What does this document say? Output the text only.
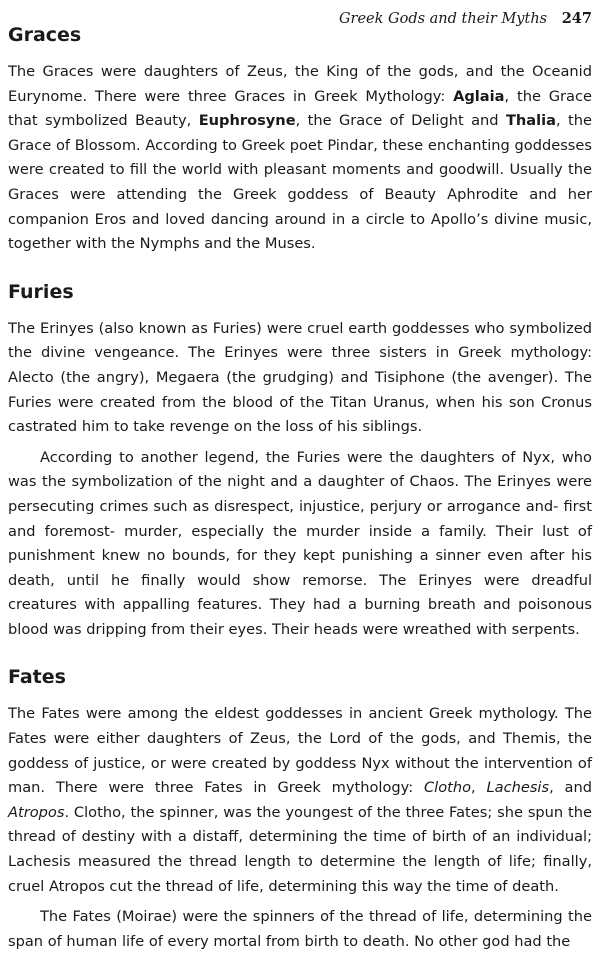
Greek Gods and their Myths 247
Graces

The Graces were daughters of Zeus, the King of the gods, and the Oceanid Eurynome. There were three Graces in Greek Mythology: Aglaia, the Grace that symbolized Beauty, Euphrosyne, the Grace of Delight and Thalia, the Grace of Blossom. According to Greek poet Pindar, these enchanting goddesses were created to fill the world with pleasant moments and goodwill. Usually the Graces were attending the Greek goddess of Beauty Aphrodite and her companion Eros and loved dancing around in a circle to Apollo’s divine music, together with the Nymphs and the Muses.

Furies

The Erinyes (also known as Furies) were cruel earth goddesses who symbolized the divine vengeance. The Erinyes were three sisters in Greek mythology: Alecto (the angry), Megaera (the grudging) and Tisiphone (the avenger). The Furies were created from the blood of the Titan Uranus, when his son Cronus castrated him to take revenge on the loss of his siblings.

According to another legend, the Furies were the daughters of Nyx, who was the symbolization of the night and a daughter of Chaos. The Erinyes were persecuting crimes such as disrespect, injustice, perjury or arrogance and- first and foremost- murder, especially the murder inside a family. Their lust of punishment knew no bounds, for they kept punishing a sinner even after his death, until he finally would show remorse. The Erinyes were dreadful creatures with appalling features. They had a burning breath and poisonous blood was dripping from their eyes. Their heads were wreathed with serpents.

Fates

The Fates were among the eldest goddesses in ancient Greek mythology. The Fates were either daughters of Zeus, the Lord of the gods, and Themis, the goddess of justice, or were created by goddess Nyx without the intervention of man. There were three Fates in Greek mythology: Clotho, Lachesis, and Atropos. Clotho, the spinner, was the youngest of the three Fates; she spun the thread of destiny with a distaff, determining the time of birth of an individual; Lachesis measured the thread length to determine the length of life; finally, cruel Atropos cut the thread of life, determining this way the time of death.

The Fates (Moirae) were the spinners of the thread of life, determining the span of human life of every mortal from birth to death. No other god had the
